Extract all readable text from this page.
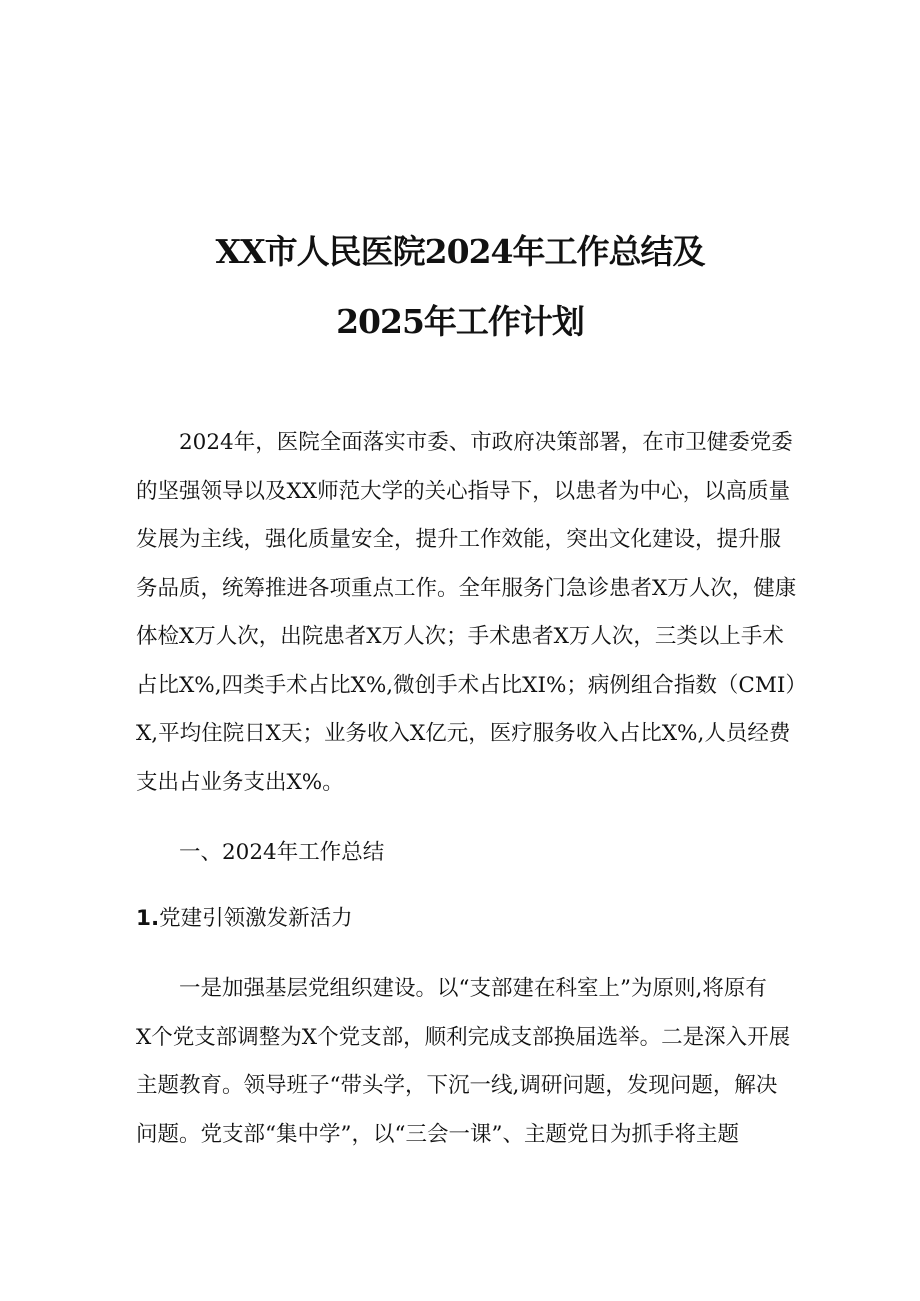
XX市人民医院2024年工作总结及
2025年工作计划
　　2024年，医院全面落实市委、市政府决策部署，在市卫健委党委
的坚强领导以及XX师范大学的关心指导下，以患者为中心，以高质量
发展为主线，强化质量安全，提升工作效能，突出文化建设，提升服
务品质，统筹推进各项重点工作。全年服务门急诊患者X万人次，健康
体检X万人次，出院患者X万人次；手术患者X万人次，三类以上手术
占比X%,四类手术占比X%,微创手术占比XI%；病例组合指数（CMI）
X,平均住院日X天；业务收入X亿元，医疗服务收入占比X%,人员经费
支出占业务支出X%。
　　一、2024年工作总结
1.党建引领激发新活力
　　一是加强基层党组织建设。以“支部建在科室上”为原则,将原有
X个党支部调整为X个党支部，顺利完成支部换届选举。二是深入开展
主题教育。领导班子“带头学，下沉一线,调研问题，发现问题，解决
问题。党支部“集中学”，以“三会一课”、主题党日为抓手将主题
